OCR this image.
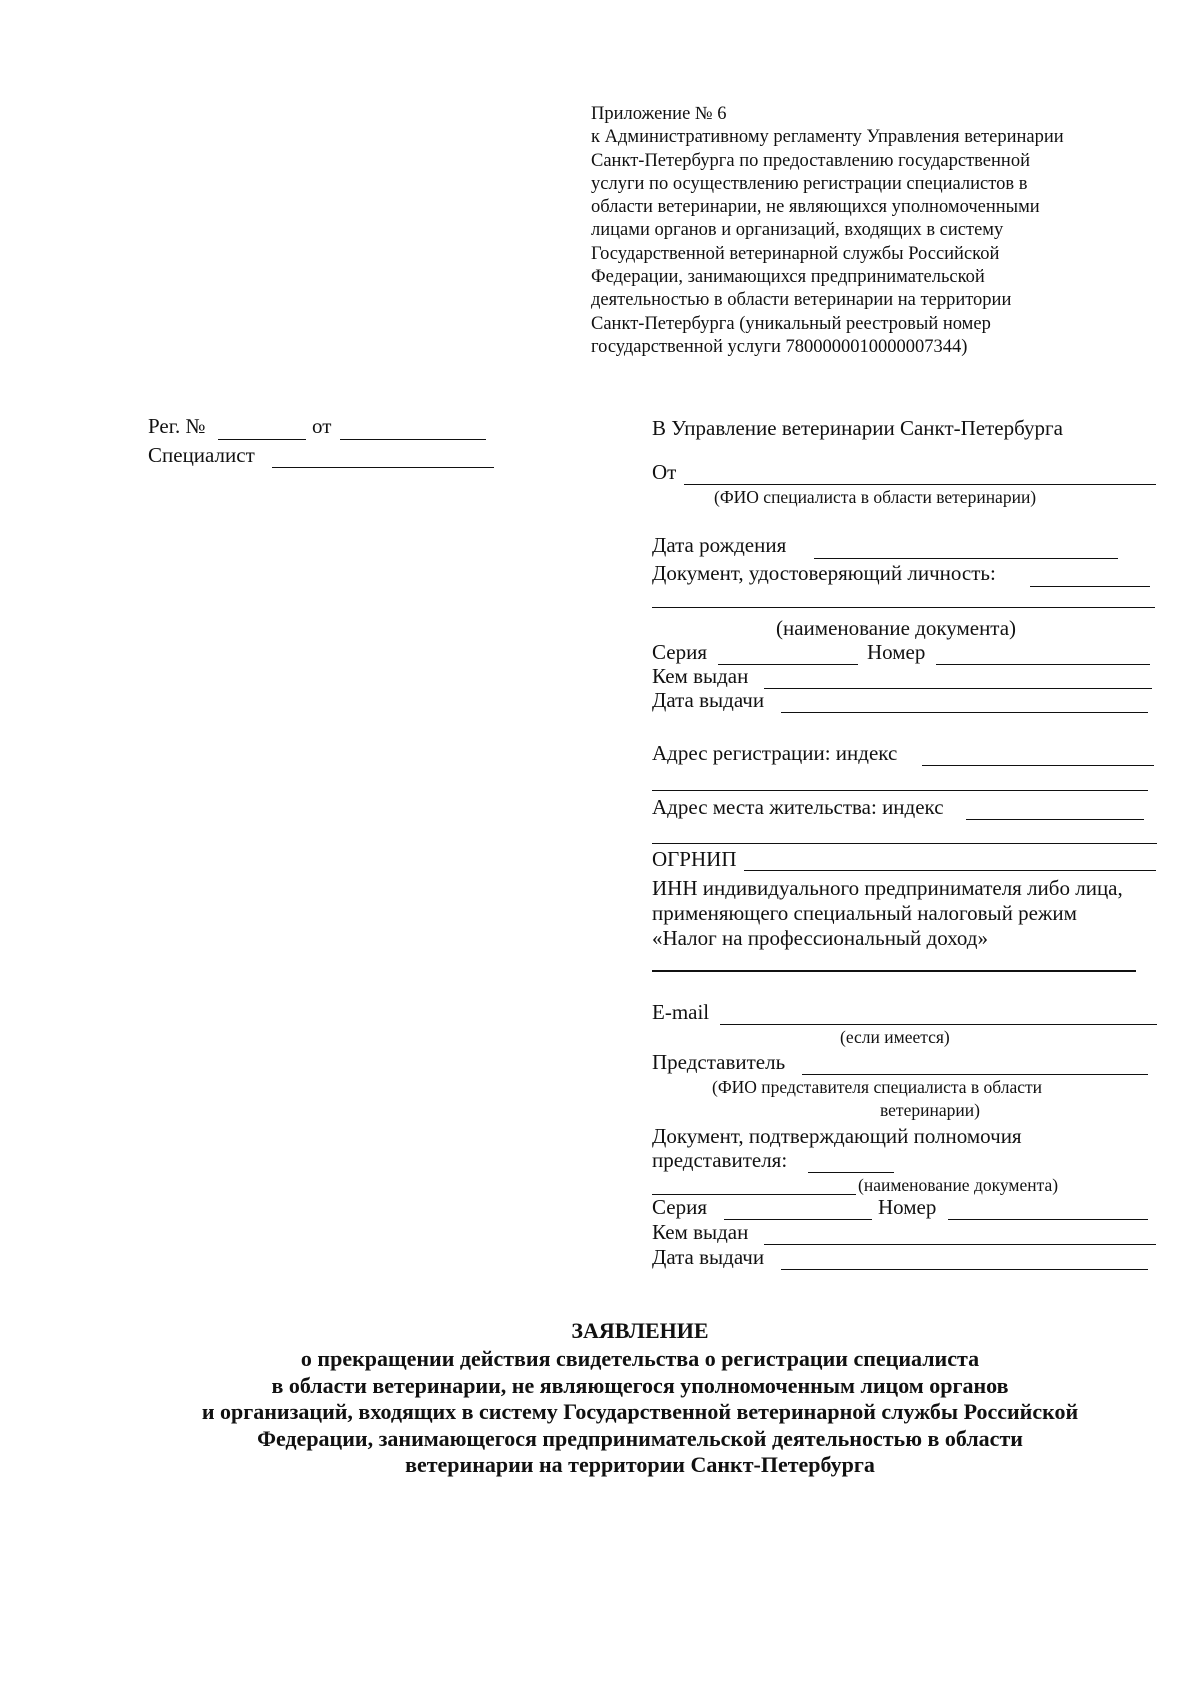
Приложение № 6
к Административному регламенту Управления ветеринарии
Санкт-Петербурга по предоставлению государственной
услуги по осуществлению регистрации специалистов в
области ветеринарии, не являющихся уполномоченными
лицами органов и организаций, входящих в систему
Государственной ветеринарной службы Российской
Федерации, занимающихся предпринимательской
деятельностью в области ветеринарии на территории
Санкт-Петербурга (уникальный реестровый номер
государственной услуги 7800000010000007344)
Рег. №	от
Специалист
В Управление ветеринарии Санкт-Петербурга
От
(ФИО специалиста в области ветеринарии)
Дата рождения
Документ, удостоверяющий личность:
(наименование документа)
Серия	Номер
Кем выдан
Дата выдачи
Адрес регистрации: индекс
Адрес места жительства: индекс
ОГРНИП
ИНН индивидуального предпринимателя либо лица,
применяющего специальный налоговый режим
«Налог на профессиональный доход»
E-mail
(если имеется)
Представитель
(ФИО представителя специалиста в области
ветеринарии)
Документ, подтверждающий полномочия
представителя:
(наименование документа)
Серия	Номер
Кем выдан
Дата выдачи
ЗАЯВЛЕНИЕ
о прекращении действия свидетельства о регистрации специалиста
в области ветеринарии, не являющегося уполномоченным лицом органов
и организаций, входящих в систему Государственной ветеринарной службы Российской
Федерации, занимающегося предпринимательской деятельностью в области
ветеринарии на территории Санкт-Петербурга
